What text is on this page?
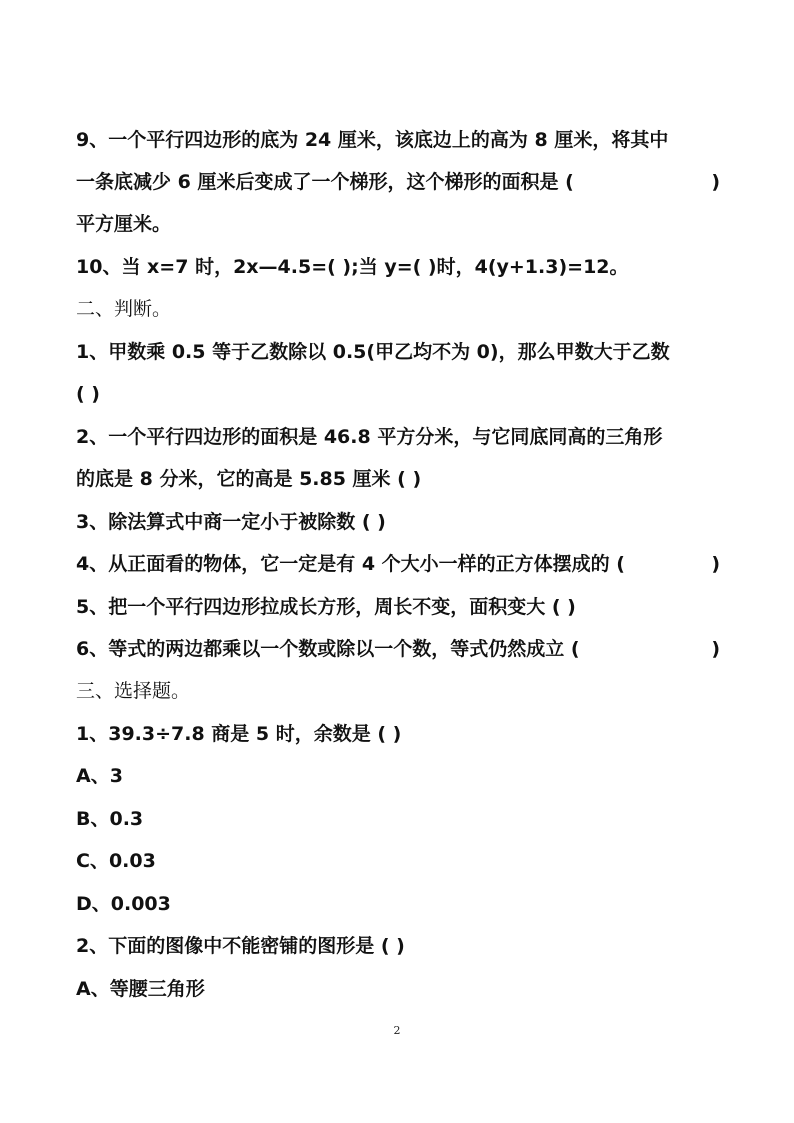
9、一个平行四边形的底为 24 厘米，该底边上的高为 8 厘米，将其中
一条底减少 6 厘米后变成了一个梯形，这个梯形的面积是 (	)
平方厘米。
10、当 x=7 时，2x—4.5=( );当 y=( )时，4(y+1.3)=12。
二、判断。
1、甲数乘 0.5 等于乙数除以 0.5(甲乙均不为 0)，那么甲数大于乙数
( )
2、一个平行四边形的面积是 46.8 平方分米，与它同底同高的三角形
的底是 8 分米，它的高是 5.85 厘米 ( )
3、除法算式中商一定小于被除数 ( )
4、从正面看的物体，它一定是有 4 个大小一样的正方体摆成的 (	)
5、把一个平行四边形拉成长方形，周长不变，面积变大 ( )
6、等式的两边都乘以一个数或除以一个数，等式仍然成立 (	)
三、选择题。
1、39.3÷7.8 商是 5 时，余数是 ( )
A、3
B、0.3
C、0.03
D、0.003
2、下面的图像中不能密铺的图形是 ( )
A、等腰三角形
2
